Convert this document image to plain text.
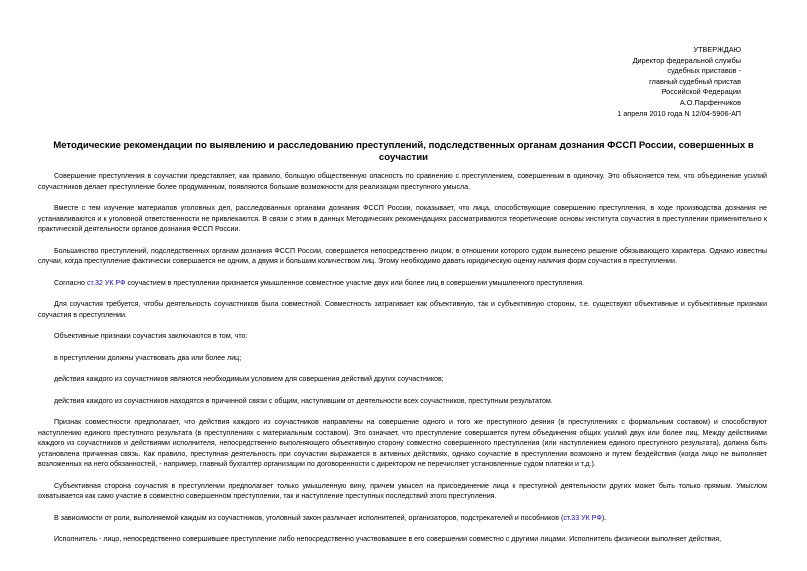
УТВЕРЖДАЮ
Директор федеральной службы
судебных приставов -
главный судебный пристав
Российской Федерации
А.О.Парфенчиков
1 апреля 2010 года N 12/04-5906-АП
Методические рекомендации по выявлению и расследованию преступлений, подследственных органам дознания ФССП России, совершенных в соучастии

Совершение преступления в соучастии представляет, как правило, большую общественную опасность по сравнению с преступлением, совершенным в одиночку. Это объясняется тем, что объединение усилий соучастников делает преступление более продуманным, появляются большие возможности для реализации преступного умысла.

Вместе с тем изучение материалов уголовных дел, расследованных органами дознания ФССП России, показывает, что лица, способствующие совершению преступления, в ходе производства дознания не устанавливаются и к уголовной ответственности не привлекаются. В связи с этим в данных Методических рекомендациях рассматриваются теоретические основы института соучастия в преступлении применительно к практической деятельности органов дознания ФССП России.

Большинство преступлений, подследственных органам дознания ФССП России, совершается непосредственно лицом, в отношении которого судом вынесено решение обязывающего характера. Однако известны случаи, когда преступление фактически совершается не одним, а двумя и большим количеством лиц. Этому необходимо давать юридическую оценку наличия форм соучастия в преступлении.

Согласно ст.32 УК РФ соучастием в преступлении признается умышленное совместное участие двух или более лиц в совершении умышленного преступления.

Для соучастия требуется, чтобы деятельность соучастников была совместной. Совместность затрагивает как объективную, так и субъективную стороны, т.е. существуют объективные и субъективные признаки соучастия в преступлении.

Объективные признаки соучастия заключаются в том, что:

в преступлении должны участвовать два или более лиц;

действия каждого из соучастников являются необходимым условием для совершения действий других соучастников;

действия каждого из соучастников находятся в причинной связи с общим, наступившим от деятельности всех соучастников, преступным результатом.

Признак совместности предполагает, что действия каждого из соучастников направлены на совершение одного и того же преступного деяния (в преступлениях с формальным составом) и способствуют наступлению единого преступного результата (в преступлениях с материальным составом). Это означает, что преступление совершается путем объединения общих усилий двух или более лиц. Между действиями каждого из соучастников и действиями исполнителя, непосредственно выполняющего объективную сторону совместно совершенного преступления (или наступлением единого преступного результата), должна быть установлена причинная связь. Как правило, преступная деятельность при соучастии выражается в активных действиях, однако соучастие в преступлении возможно и путем бездействия (когда лицо не выполняет возложенных на него обязанностей, - например, главный бухгалтер организации по договоренности с директором не перечисляет установленные судом платежи и т.д.).

Субъективная сторона соучастия в преступлении предполагает только умышленную вину, причем умысел на присоединение лица к преступной деятельности других может быть только прямым. Умыслом охватывается как само участие в совместно совершенном преступлении, так и наступление преступных последствий этого преступления.

В зависимости от роли, выполняемой каждым из соучастников, уголовный закон различает исполнителей, организаторов, подстрекателей и пособников (ст.33 УК РФ).

Исполнитель - лицо, непосредственно совершившее преступление либо непосредственно участвовавшее в его совершении совместно с другими лицами. Исполнитель физически выполняет действия,
